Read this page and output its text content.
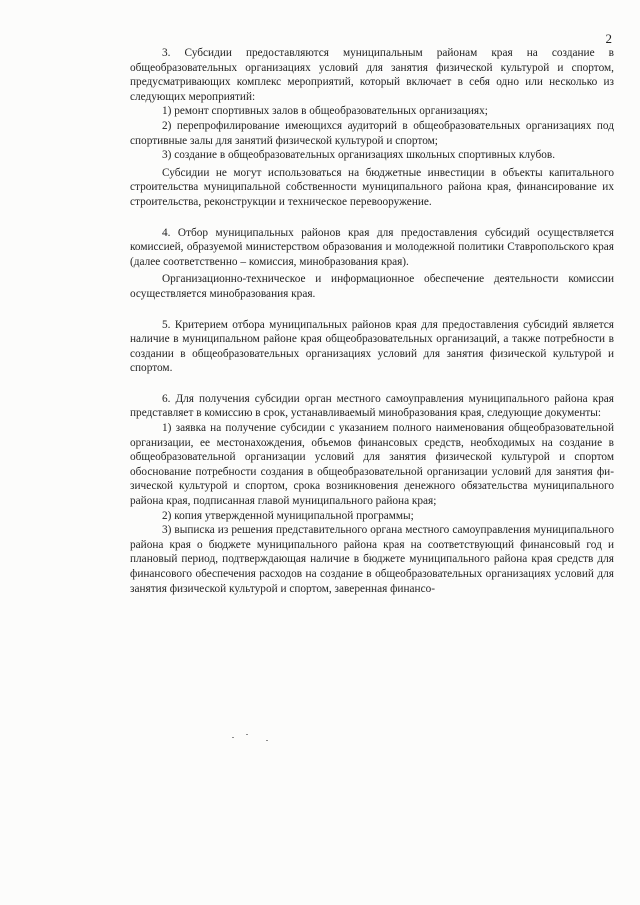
2

3. Субсидии предоставляются муниципальным районам края на создание в общеобразовательных организациях условий для занятия физической культурой и спортом, предусматривающих комплекс мероприятий, который включает в себя одно или несколько из следующих мероприятий:

1) ремонт спортивных залов в общеобразовательных организациях;

2) перепрофилирование имеющихся аудиторий в общеобразовательных организациях под спортивные залы для занятий физической культурой и спортом;

3) создание в общеобразовательных организациях школьных спортивных клубов.

Субсидии не могут использоваться на бюджетные инвестиции в объекты капитального строительства муниципальной собственности муниципального района края, финансирование их строительства, реконструкции и техническое перевооружение.

4. Отбор муниципальных районов края для предоставления субсидий осуществляется комиссией, образуемой министерством образования и молодежной политики Ставропольского края (далее соответственно – комиссия, минобразования края).

Организационно-техническое и информационное обеспечение деятельности комиссии осуществляется минобразования края.

5. Критерием отбора муниципальных районов края для предоставления субсидий является наличие в муниципальном районе края общеобразовательных организаций, а также потребности в создании в общеобразовательных организациях условий для занятия физической культурой и спортом.

6. Для получения субсидии орган местного самоуправления муниципального района края представляет в комиссию в срок, устанавливаемый минобразования края, следующие документы:

1) заявка на получение субсидии с указанием полного наименования общеобразовательной организации, ее местонахождения, объемов финансовых средств, необходимых на создание в общеобразовательной организации условий для занятия физической культурой и спортом обоснование потребности создания в общеобразовательной организации условий для занятия физической культурой и спортом, срока возникновения денежного обязательства муниципального района края, подписанная главой муниципального района края;

2) копия утвержденной муниципальной программы;

3) выписка из решения представительного органа местного самоуправления муниципального района края о бюджете муниципального района края на соответствующий финансовый год и плановый период, подтверждающая наличие в бюджете муниципального района края средств для финансового обеспечения расходов на создание в общеобразовательных организациях условий для занятия физической культурой и спортом, заверенная финансо-
